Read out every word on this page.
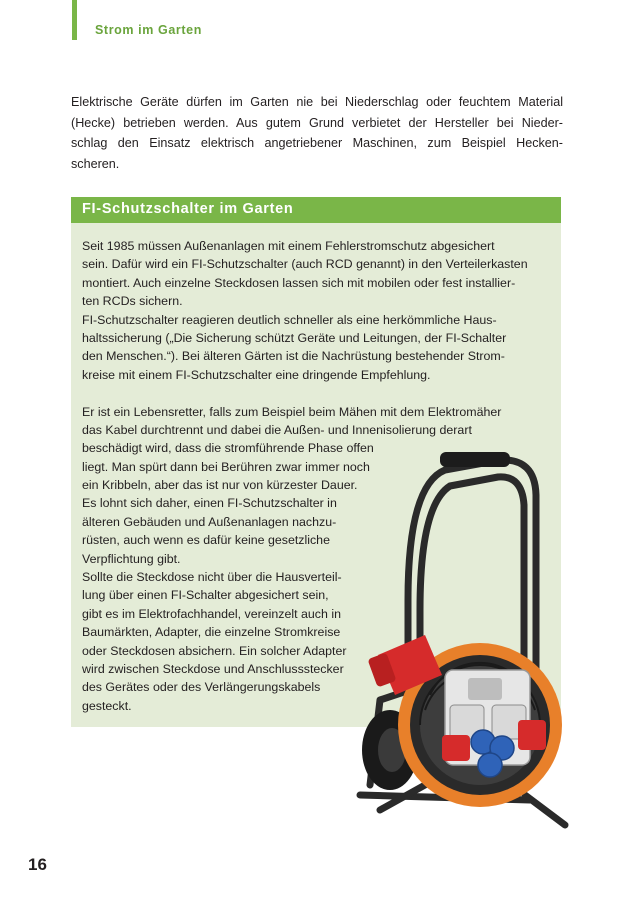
Strom im Garten
Elektrische Geräte dürfen im Garten nie bei Niederschlag oder feuchtem Material
(Hecke) betrieben werden. Aus gutem Grund verbietet der Hersteller bei Nieder-
schlag den Einsatz elektrisch angetriebener Maschinen, zum Beispiel Hecken-
scheren.
FI-Schutzschalter im Garten
Seit 1985 müssen Außenanlagen mit einem Fehlerstromschutz abgesichert
sein. Dafür wird ein FI-Schutzschalter (auch RCD genannt) in den Verteilerkasten
montiert. Auch einzelne Steckdosen lassen sich mit mobilen oder fest installier-
ten RCDs sichern.
FI-Schutzschalter reagieren deutlich schneller als eine herkömmliche Haus-
haltssicherung („Die Sicherung schützt Geräte und Leitungen, der FI-Schalter
den Menschen.“). Bei älteren Gärten ist die Nachrüstung bestehender Strom-
kreise mit einem FI-Schutzschalter eine dringende Empfehlung.
Er ist ein Lebensretter, falls zum Beispiel beim Mähen mit dem Elektromäher
das Kabel durchtrennt und dabei die Außen- und Innenisolierung derart
beschädigt wird, dass die stromführende Phase offen
liegt. Man spürt dann bei Berühren zwar immer noch
ein Kribbeln, aber das ist nur von kürzester Dauer.
Es lohnt sich daher, einen FI-Schutzschalter in
älteren Gebäuden und Außenanlagen nachzu-
rüsten, auch wenn es dafür keine gesetzliche
Verpflichtung gibt.
Sollte die Steckdose nicht über die Hausverteil-
lung über einen FI-Schalter abgesichert sein,
gibt es im Elektrofachhandel, vereinzelt auch in
Baumärkten, Adapter, die einzelne Stromkreise
oder Steckdosen absichern. Ein solcher Adapter
wird zwischen Steckdose und Anschlussstecker
des Gerätes oder des Verlängerungskabels
gesteckt.
16
